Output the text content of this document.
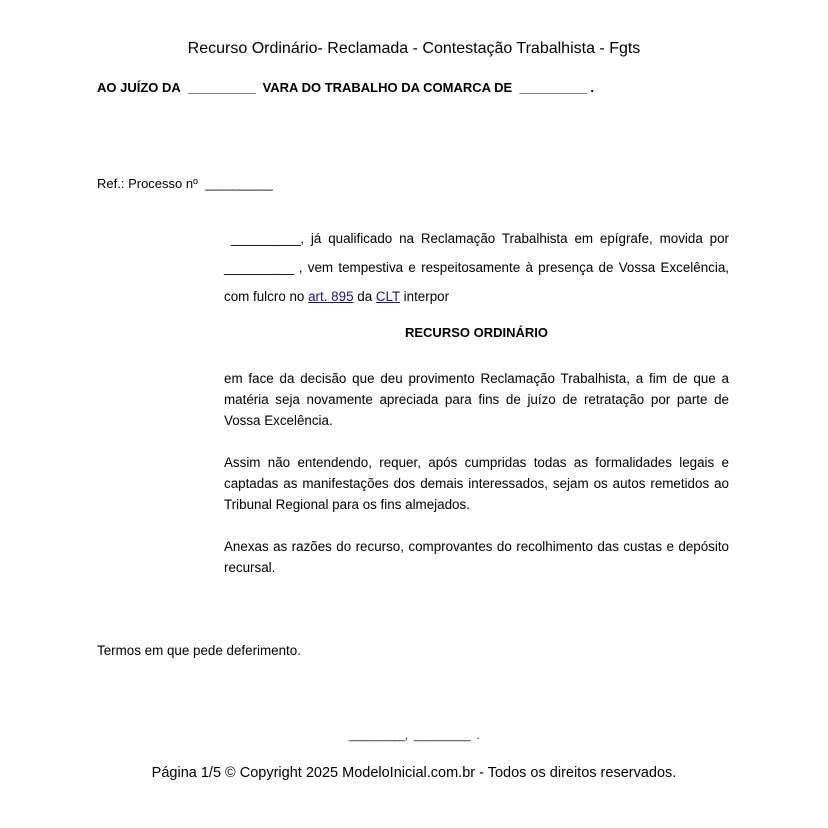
Recurso Ordinário- Reclamada - Contestação Trabalhista - Fgts
AO JUÍZO DA __________ VARA DO TRABALHO DA COMARCA DE __________ .
Ref.: Processo nº __________
__________, já qualificado na Reclamação Trabalhista em epígrafe, movida por __________ , vem tempestiva e respeitosamente à presença de Vossa Excelência, com fulcro no art. 895 da CLT interpor
RECURSO ORDINÁRIO
em face da decisão que deu provimento Reclamação Trabalhista, a fim de que a matéria seja novamente apreciada para fins de juízo de retratação por parte de Vossa Excelência.
Assim não entendendo, requer, após cumpridas todas as formalidades legais e captadas as manifestações dos demais interessados, sejam os autos remetidos ao Tribunal Regional para os fins almejados.
Anexas as razões do recurso, comprovantes do recolhimento das custas e depósito recursal.
Termos em que pede deferimento.
__________, __________ .
Página 1/5 © Copyright 2025 ModeloInicial.com.br - Todos os direitos reservados.
